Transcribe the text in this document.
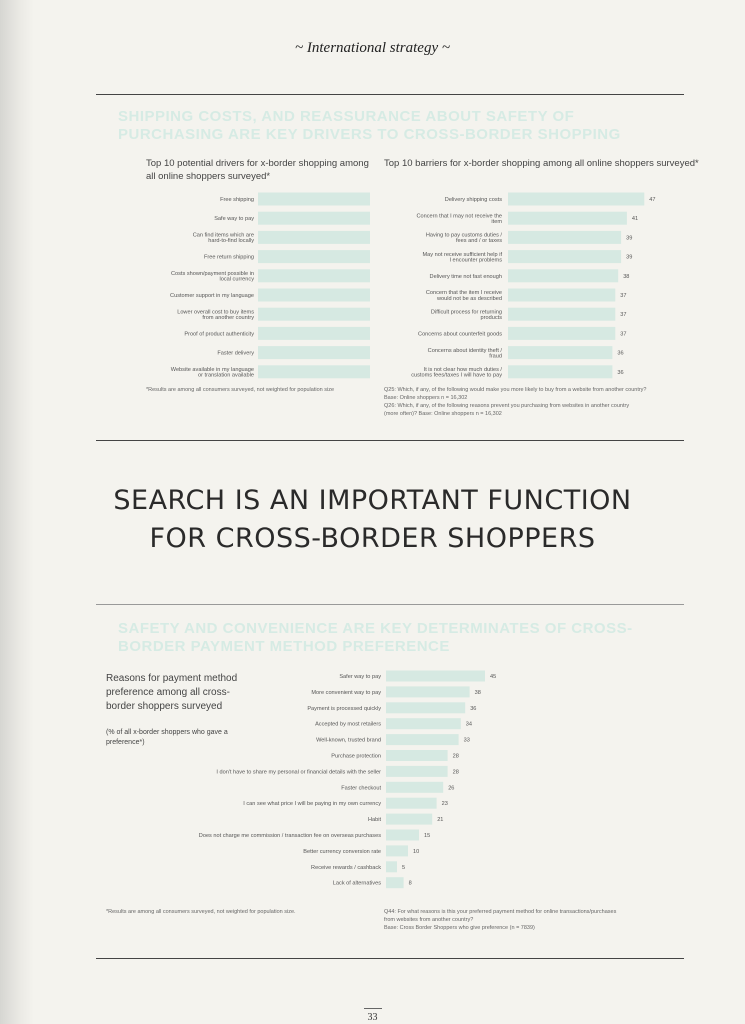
~ International strategy ~
SHIPPING COSTS, AND REASSURANCE ABOUT SAFETY OF PURCHASING ARE KEY DRIVERS TO CROSS-BORDER SHOPPING
Top 10 potential drivers for x-border shopping among all online shoppers surveyed*
Top 10 barriers for x-border shopping among all online shoppers surveyed*
Free shipping
Safe way to pay
Can find items which are
hard-to-find locally
Free return shipping
Costs shown/payment possible in
local currency
Customer support in my language
Lower overall cost to buy items
from another country
Proof of product authenticity
Faster delivery
Website available in my language
or translation available
Delivery shipping costs	47
Concern that I may not receive the
item	41
Having to pay customs duties /
fees and / or taxes	39
May not receive sufficient help if
I encounter problems	39
Delivery time not fast enough	38
Concern that the item I receive
would not be as described	37
Difficult process for returning
products	37
Concerns about counterfeit goods	37
Concerns about identity theft /
fraud	36
It is not clear how much duties /
customs fees/taxes I will have to pay	36
*Results are among all consumers surveyed, not weighted for population size	Q25: Which, if any, of the following would make you more likely to buy from a website from another country?
Base: Online shoppers n = 16,302
Q26: Which, if any, of the following reasons prevent you purchasing from websites in another country
(more often)? Base: Online shoppers n = 16,302
SEARCH IS AN IMPORTANT FUNCTION
FOR CROSS-BORDER SHOPPERS
SAFETY AND CONVENIENCE ARE KEY DETERMINATES OF CROSS-BORDER PAYMENT METHOD PREFERENCE
Reasons for payment method preference among all cross-border shoppers surveyed
(% of all x-border shoppers who gave a preference*)
Safer way to pay	45
More convenient way to pay	38
Payment is processed quickly	36
Accepted by most retailers	34
Well-known, trusted brand	33
Purchase protection	28
I don't have to share my personal or financial details with the seller	28
Faster checkout	26
I can see what price I will be paying in my own currency	23
Habit	21
Does not charge me commission / transaction fee on overseas purchases	15
Better currency conversion rate	10
Receive rewards / cashback	5
Lack of alternatives	8
*Results are among all consumers surveyed, not weighted for population size.	Q44: For what reasons is this your preferred payment method for online transactions/purchases
from websites from another country?
Base: Cross Border Shoppers who give preference (n = 7839)
33
